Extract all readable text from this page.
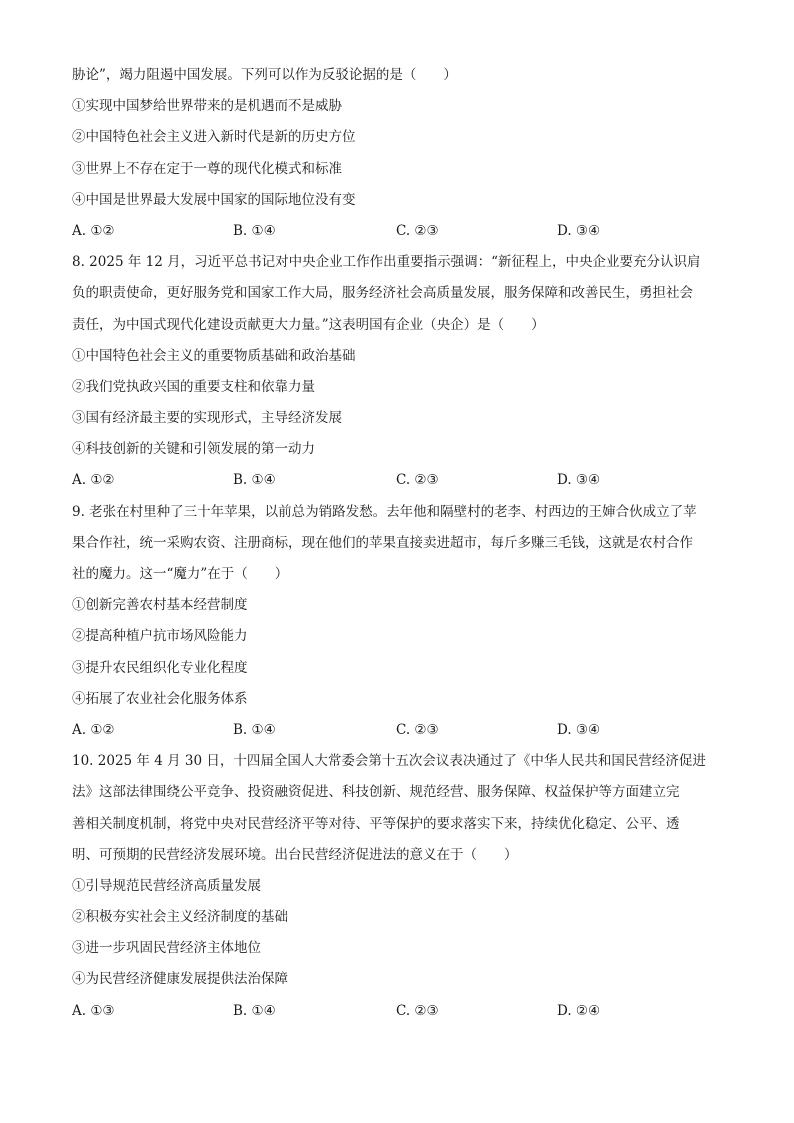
胁论”，竭力阻遏中国发展。下列可以作为反驳论据的是（　　）
①实现中国梦给世界带来的是机遇而不是威胁
②中国特色社会主义进入新时代是新的历史方位
③世界上不存在定于一尊的现代化模式和标准
④中国是世界最大发展中国家的国际地位没有变
A. ①②	B. ①④	C. ②③	D. ③④
8. 2025 年 12 月，习近平总书记对中央企业工作作出重要指示强调：“新征程上，中央企业要充分认识肩
负的职责使命，更好服务党和国家工作大局，服务经济社会高质量发展，服务保障和改善民生，勇担社会
责任，为中国式现代化建设贡献更大力量。”这表明国有企业（央企）是（　　）
①中国特色社会主义的重要物质基础和政治基础
②我们党执政兴国的重要支柱和依靠力量
③国有经济最主要的实现形式，主导经济发展
④科技创新的关键和引领发展的第一动力
A. ①②	B. ①④	C. ②③	D. ③④
9. 老张在村里种了三十年苹果，以前总为销路发愁。去年他和隔壁村的老李、村西边的王婶合伙成立了苹
果合作社，统一采购农资、注册商标，现在他们的苹果直接卖进超市，每斤多赚三毛钱，这就是农村合作
社的魔力。这一“魔力”在于（　　）
①创新完善农村基本经营制度
②提高种植户抗市场风险能力
③提升农民组织化专业化程度
④拓展了农业社会化服务体系
A. ①②	B. ①④	C. ②③	D. ③④
10. 2025 年 4 月 30 日，十四届全国人大常委会第十五次会议表决通过了《中华人民共和国民营经济促进
法》这部法律围绕公平竞争、投资融资促进、科技创新、规范经营、服务保障、权益保护等方面建立完
善相关制度机制，将党中央对民营经济平等对待、平等保护的要求落实下来，持续优化稳定、公平、透
明、可预期的民营经济发展环境。出台民营经济促进法的意义在于（　　）
①引导规范民营经济高质量发展
②积极夯实社会主义经济制度的基础
③进一步巩固民营经济主体地位
④为民营经济健康发展提供法治保障
A. ①③	B. ①④	C. ②③	D. ②④
